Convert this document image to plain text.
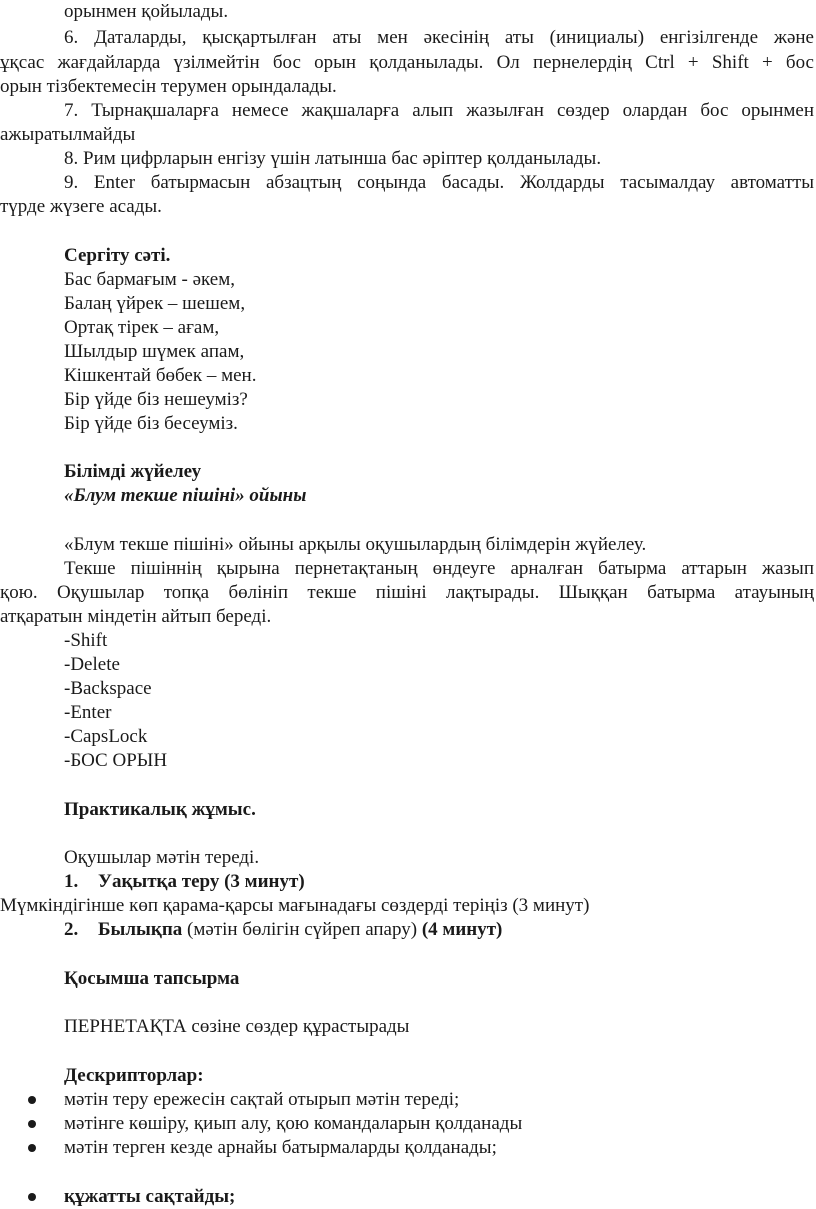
орынмен қойылады.
6. Даталарды, қысқартылған аты мен әкесінің аты (инициалы) енгізілгенде және
ұқсас жағдайларда үзілмейтін бос орын қолданылады. Ол пернелердің Ctrl + Shift + бос
орын тізбектемесін терумен орындалады.
7. Тырнақшаларға немесе жақшаларға алып жазылған сөздер олардан бос орынмен
ажыратылмайды
8. Рим цифрларын енгізу үшін латынша бас әріптер қолданылады.
9. Enter батырмасын абзацтың соңында басады. Жолдарды тасымалдау автоматты
түрде жүзеге асады.
Сергіту сәті.
Бас бармағым - әкем,
Балаң үйрек – шешем,
Ортақ тірек – ағам,
Шылдыр шүмек апам,
Кішкентай бөбек – мен.
Бір үйде біз нешеуміз?
Бір үйде біз бесеуміз.
Білімді жүйелеу
«Блум текше пішіні» ойыны
«Блум текше пішіні» ойыны арқылы оқушылардың білімдерін жүйелеу.
Текше пішіннің қырына пернетақтаның өндеуге арналған батырма аттарын жазып
қою. Оқушылар топқа бөлініп текше пішіні лақтырады. Шыққан батырма атауының
атқаратын міндетін айтып береді.
-Shift
-Delete
-Backspace
-Enter
-CapsLock
-БОС ОРЫН
Практикалық жұмыс.
Оқушылар мәтін тереді.
1. Уақытқа теру (3 минут)
Мүмкіндігінше көп қарама-қарсы мағынадағы сөздерді теріңіз (3 минут)
2. Былықпа (мәтін бөлігін сүйреп апару) (4 минут)
Қосымша тапсырма
ПЕРНЕТАҚТА сөзіне сөздер құрастырады
Дескрипторлар:
мәтін теру ережесін сақтай отырып мәтін тереді;
мәтінге көшіру, қиып алу, қою командаларын қолданады
мәтін терген кезде арнайы батырмаларды қолданады;
құжатты сақтайды;
